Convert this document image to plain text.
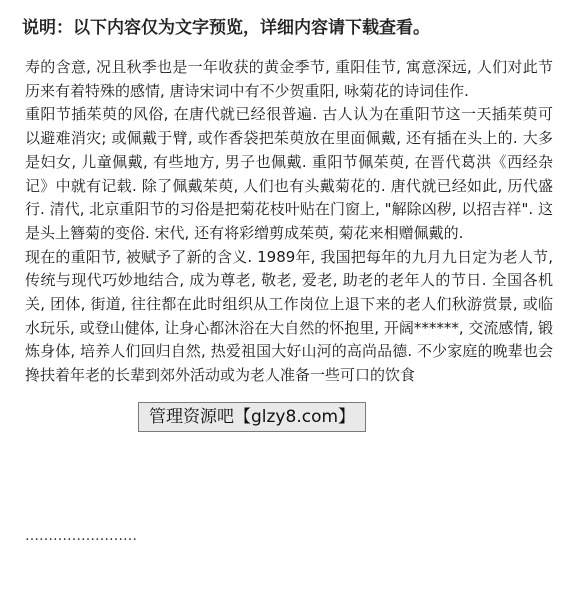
说明：以下内容仅为文字预览，详细内容请下载查看。

寿的含意, 况且秋季也是一年收获的黄金季节, 重阳佳节, 寓意深远, 人们对此节历来有着特殊的感情, 唐诗宋词中有不少贺重阳, 咏菊花的诗词佳作.

重阳节插茱萸的风俗, 在唐代就已经很普遍. 古人认为在重阳节这一天插茱萸可以避难消灾; 或佩戴于臂, 或作香袋把茱萸放在里面佩戴, 还有插在头上的. 大多是妇女, 儿童佩戴, 有些地方, 男子也佩戴. 重阳节佩茱萸, 在晋代葛洪《西经杂记》中就有记载. 除了佩戴茱萸, 人们也有头戴菊花的. 唐代就已经如此, 历代盛行. 清代, 北京重阳节的习俗是把菊花枝叶贴在门窗上, "解除凶秽, 以招吉祥". 这是头上簪菊的变俗. 宋代, 还有将彩缯剪成茱萸, 菊花来相赠佩戴的.

现在的重阳节, 被赋予了新的含义. 1989年, 我国把每年的九月九日定为老人节, 传统与现代巧妙地结合, 成为尊老, 敬老, 爱老, 助老的老年人的节日. 全国各机关, 团体, 街道, 往往都在此时组织从工作岗位上退下来的老人们秋游赏景, 或临水玩乐, 或登山健体, 让身心都沐浴在大自然的怀抱里, 开阔******, 交流感情, 锻炼身体, 培养人们回归自然, 热爱祖国大好山河的高尚品德. 不少家庭的晚辈也会搀扶着年老的长辈到郊外活动或为老人准备一些可口的饮食

……………………
管理资源吧【glzy8.com】
